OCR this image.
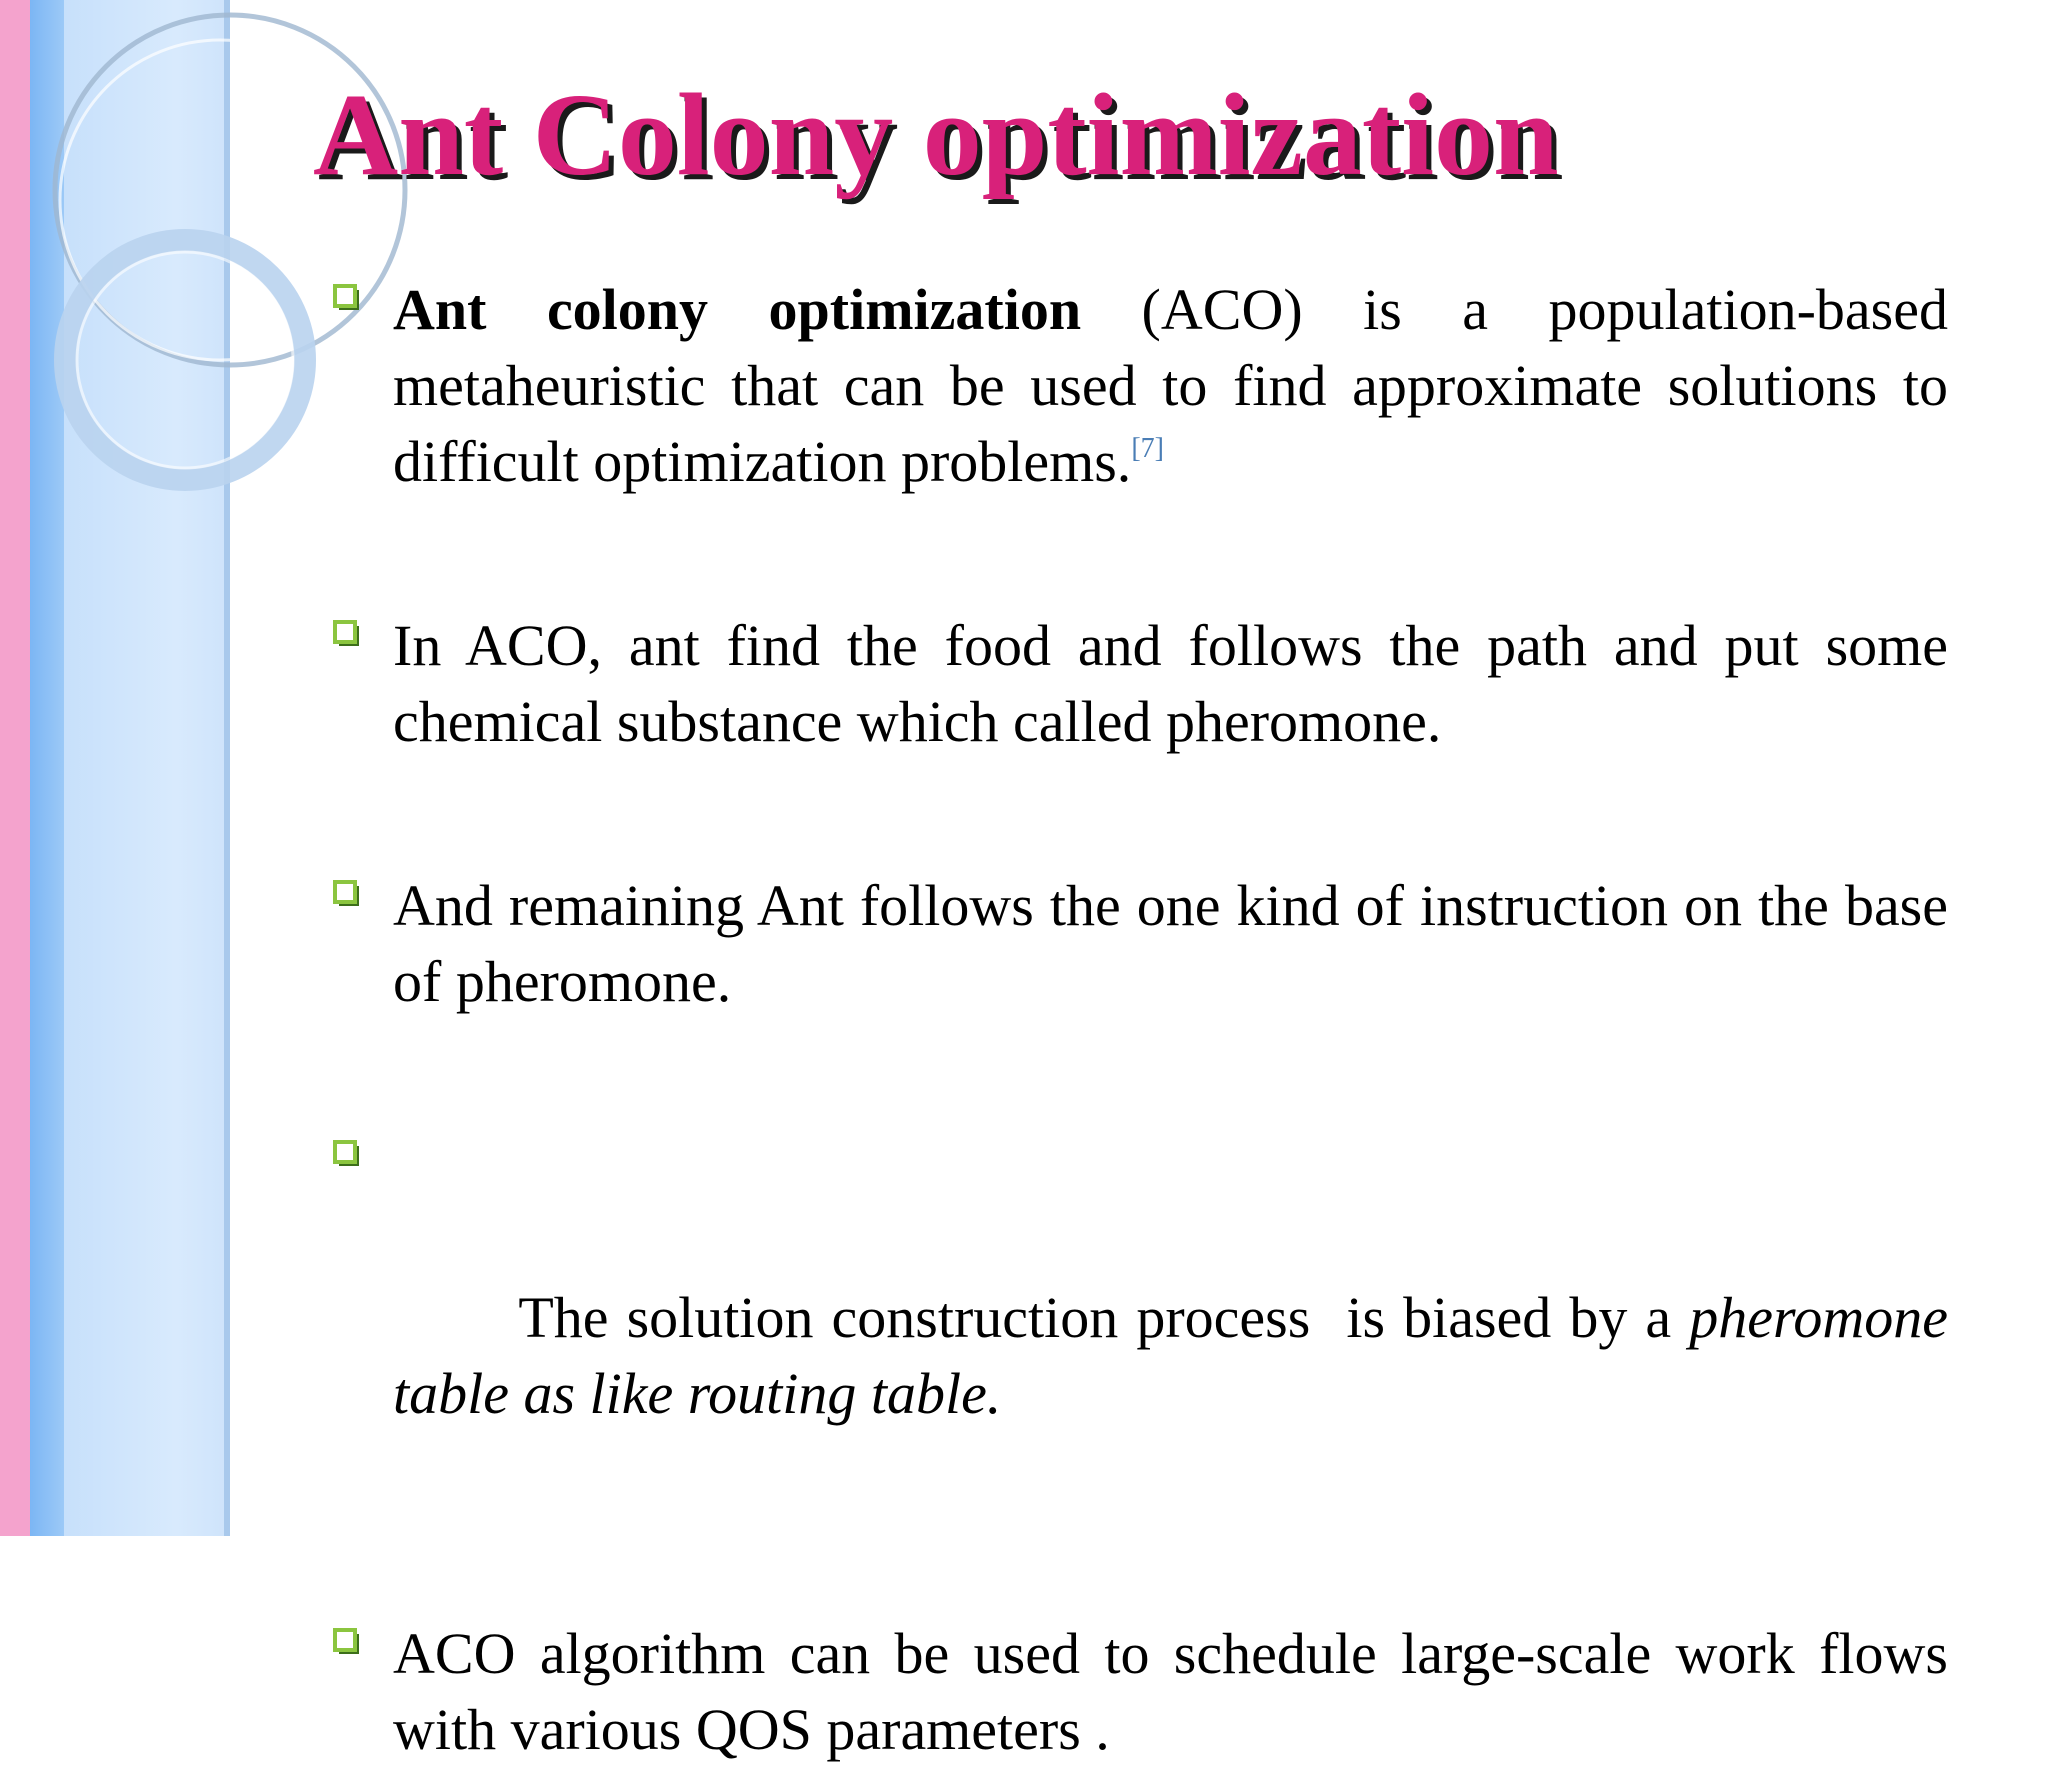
Ant Colony optimization
Ant colony optimization (ACO) is a population-based metaheuristic that can be used to find approximate solutions to difficult optimization problems.[7]
In ACO, ant find the food and follows the path and put some chemical substance which called pheromone.
And remaining Ant follows the one kind of instruction on the base of pheromone.

The solution construction process  is biased by a pheromone table as like routing table.

ACO algorithm can be used to schedule large-scale work flows with various QOS parameters .
